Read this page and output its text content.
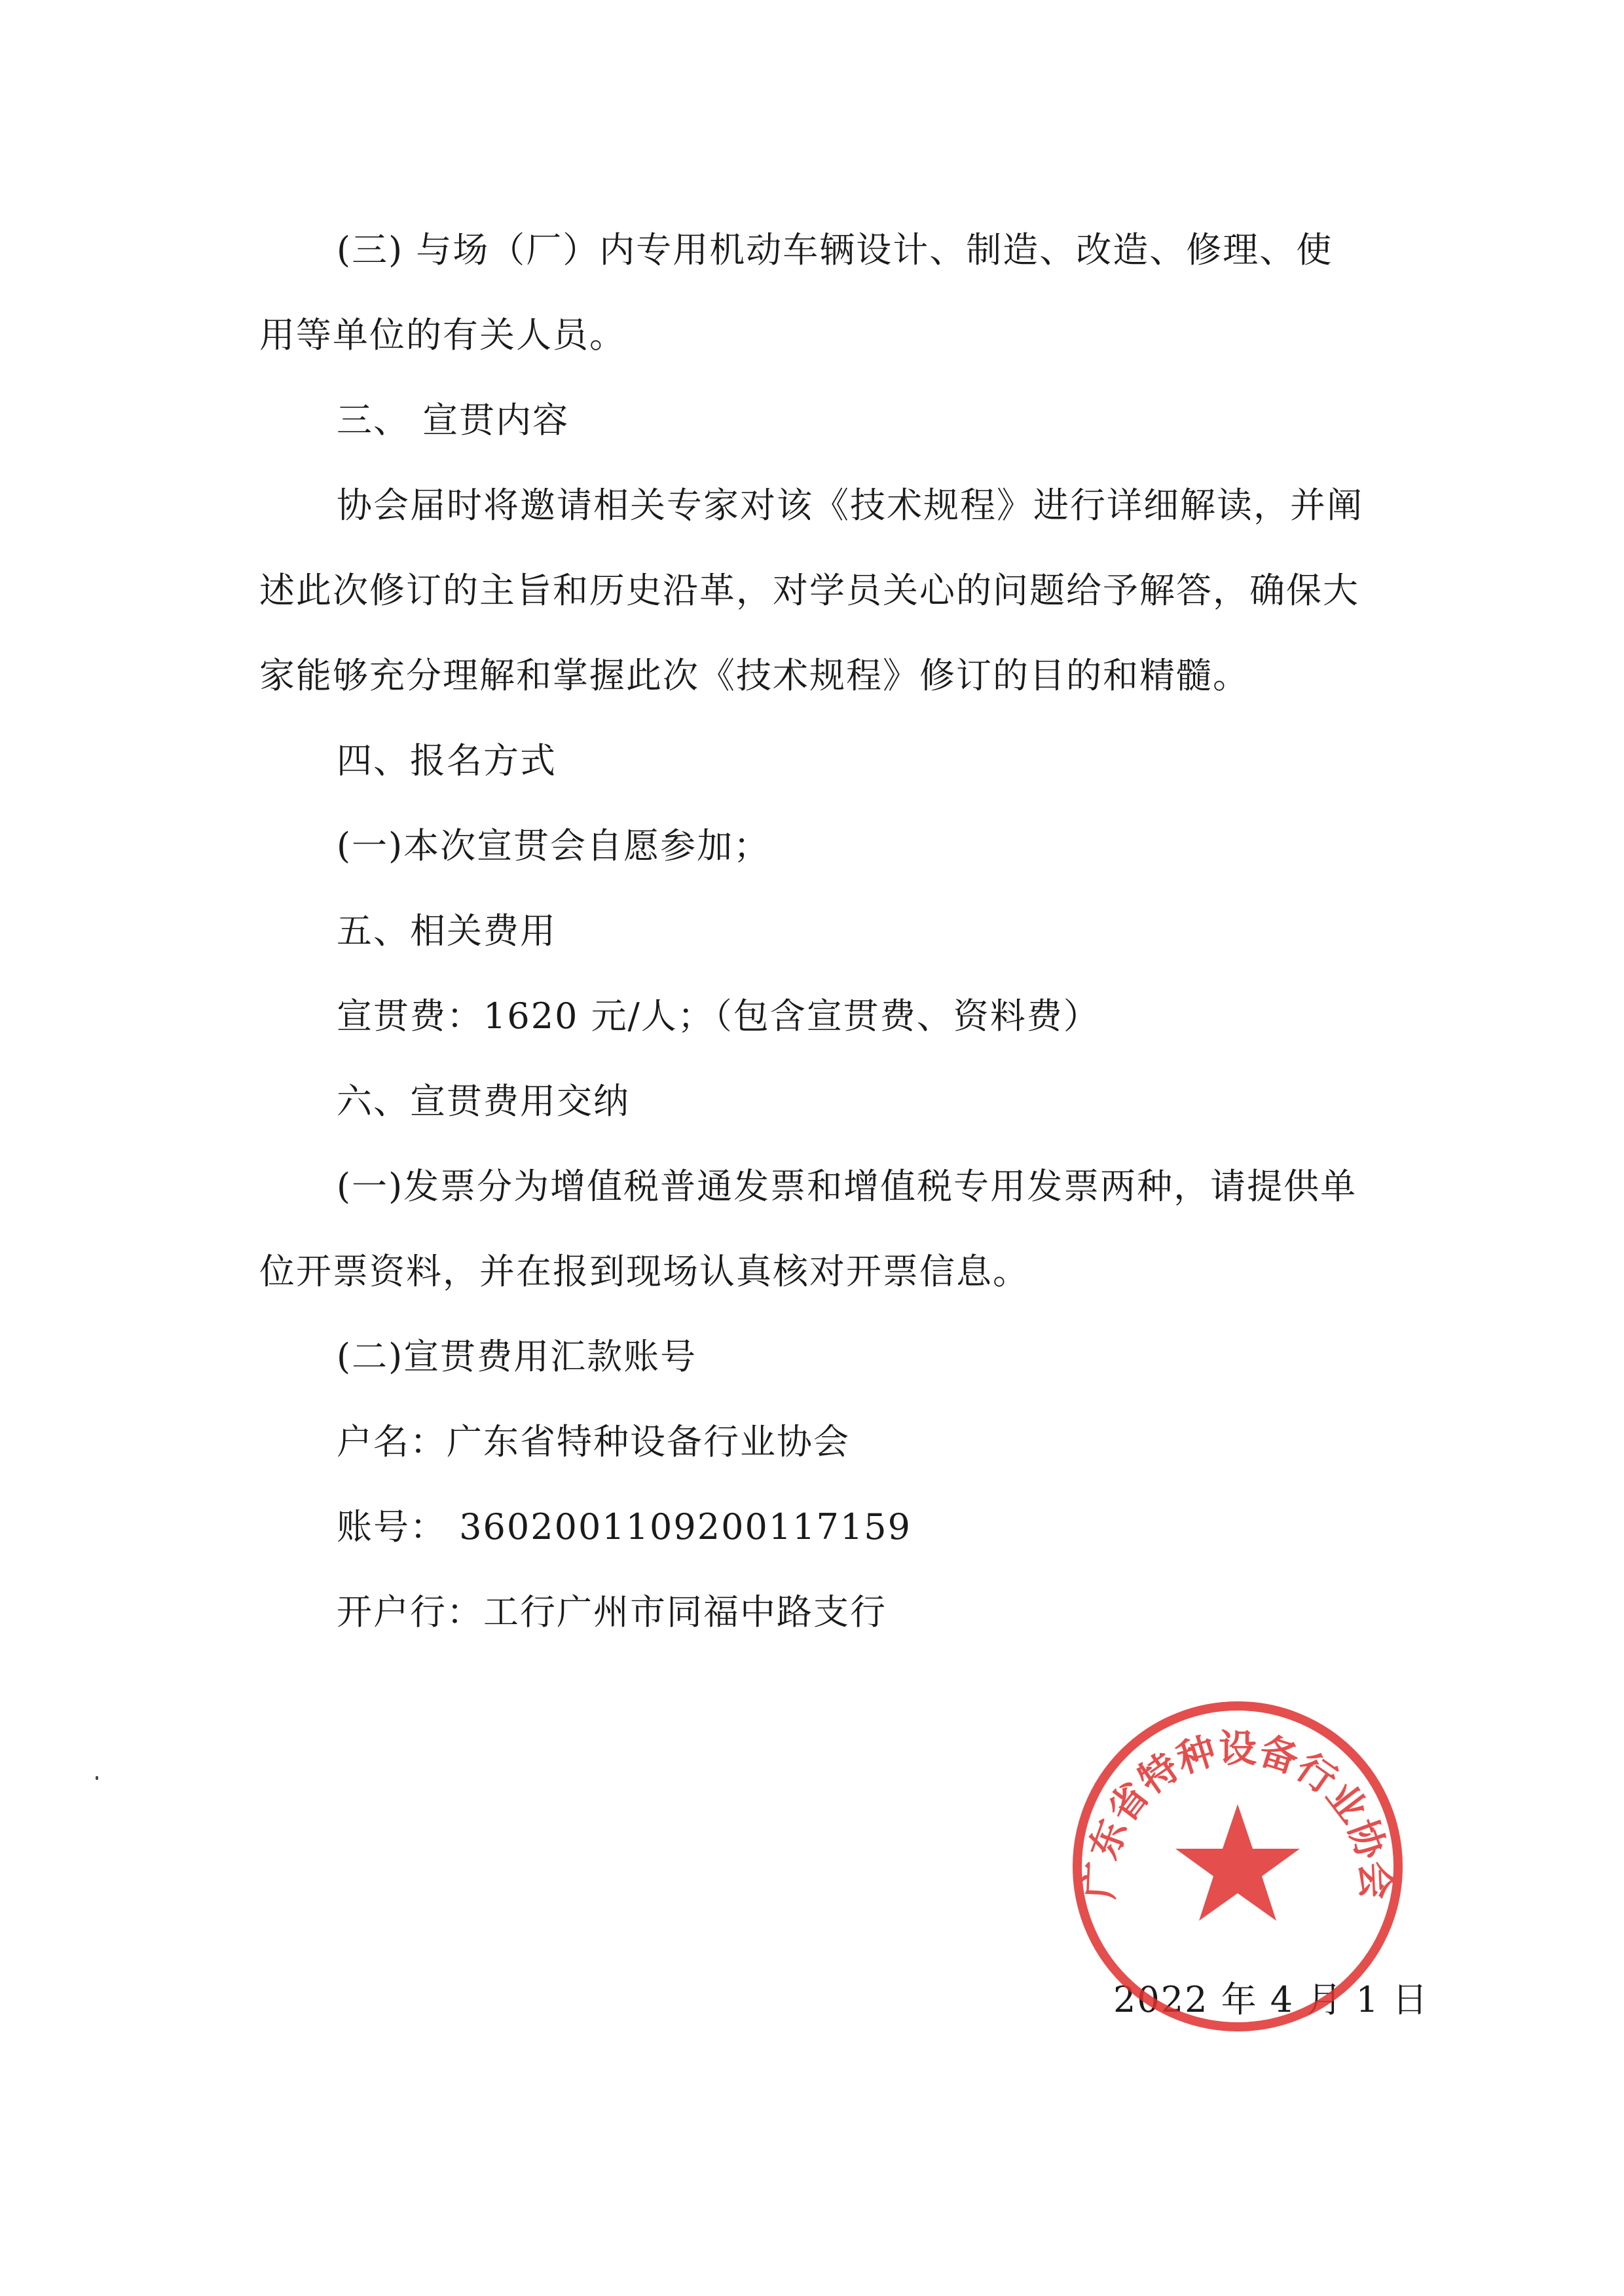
(三) 与场（厂）内专用机动车辆设计、制造、改造、修理、使
用等单位的有关人员。
三、 宣贯内容
协会届时将邀请相关专家对该《技术规程》进行详细解读，并阐
述此次修订的主旨和历史沿革，对学员关心的问题给予解答，确保大
家能够充分理解和掌握此次《技术规程》修订的目的和精髓。
四、报名方式
(一)本次宣贯会自愿参加；
五、相关费用
宣贯费：1620 元/人；（包含宣贯费、资料费）
六、宣贯费用交纳
(一)发票分为增值税普通发票和增值税专用发票两种，请提供单
位开票资料，并在报到现场认真核对开票信息。
(二)宣贯费用汇款账号
户名：广东省特种设备行业协会
账号： 3602001109200117159
开户行：工行广州市同福中路支行
2022 年 4 月 1 日
广东省特种设备行业协会
